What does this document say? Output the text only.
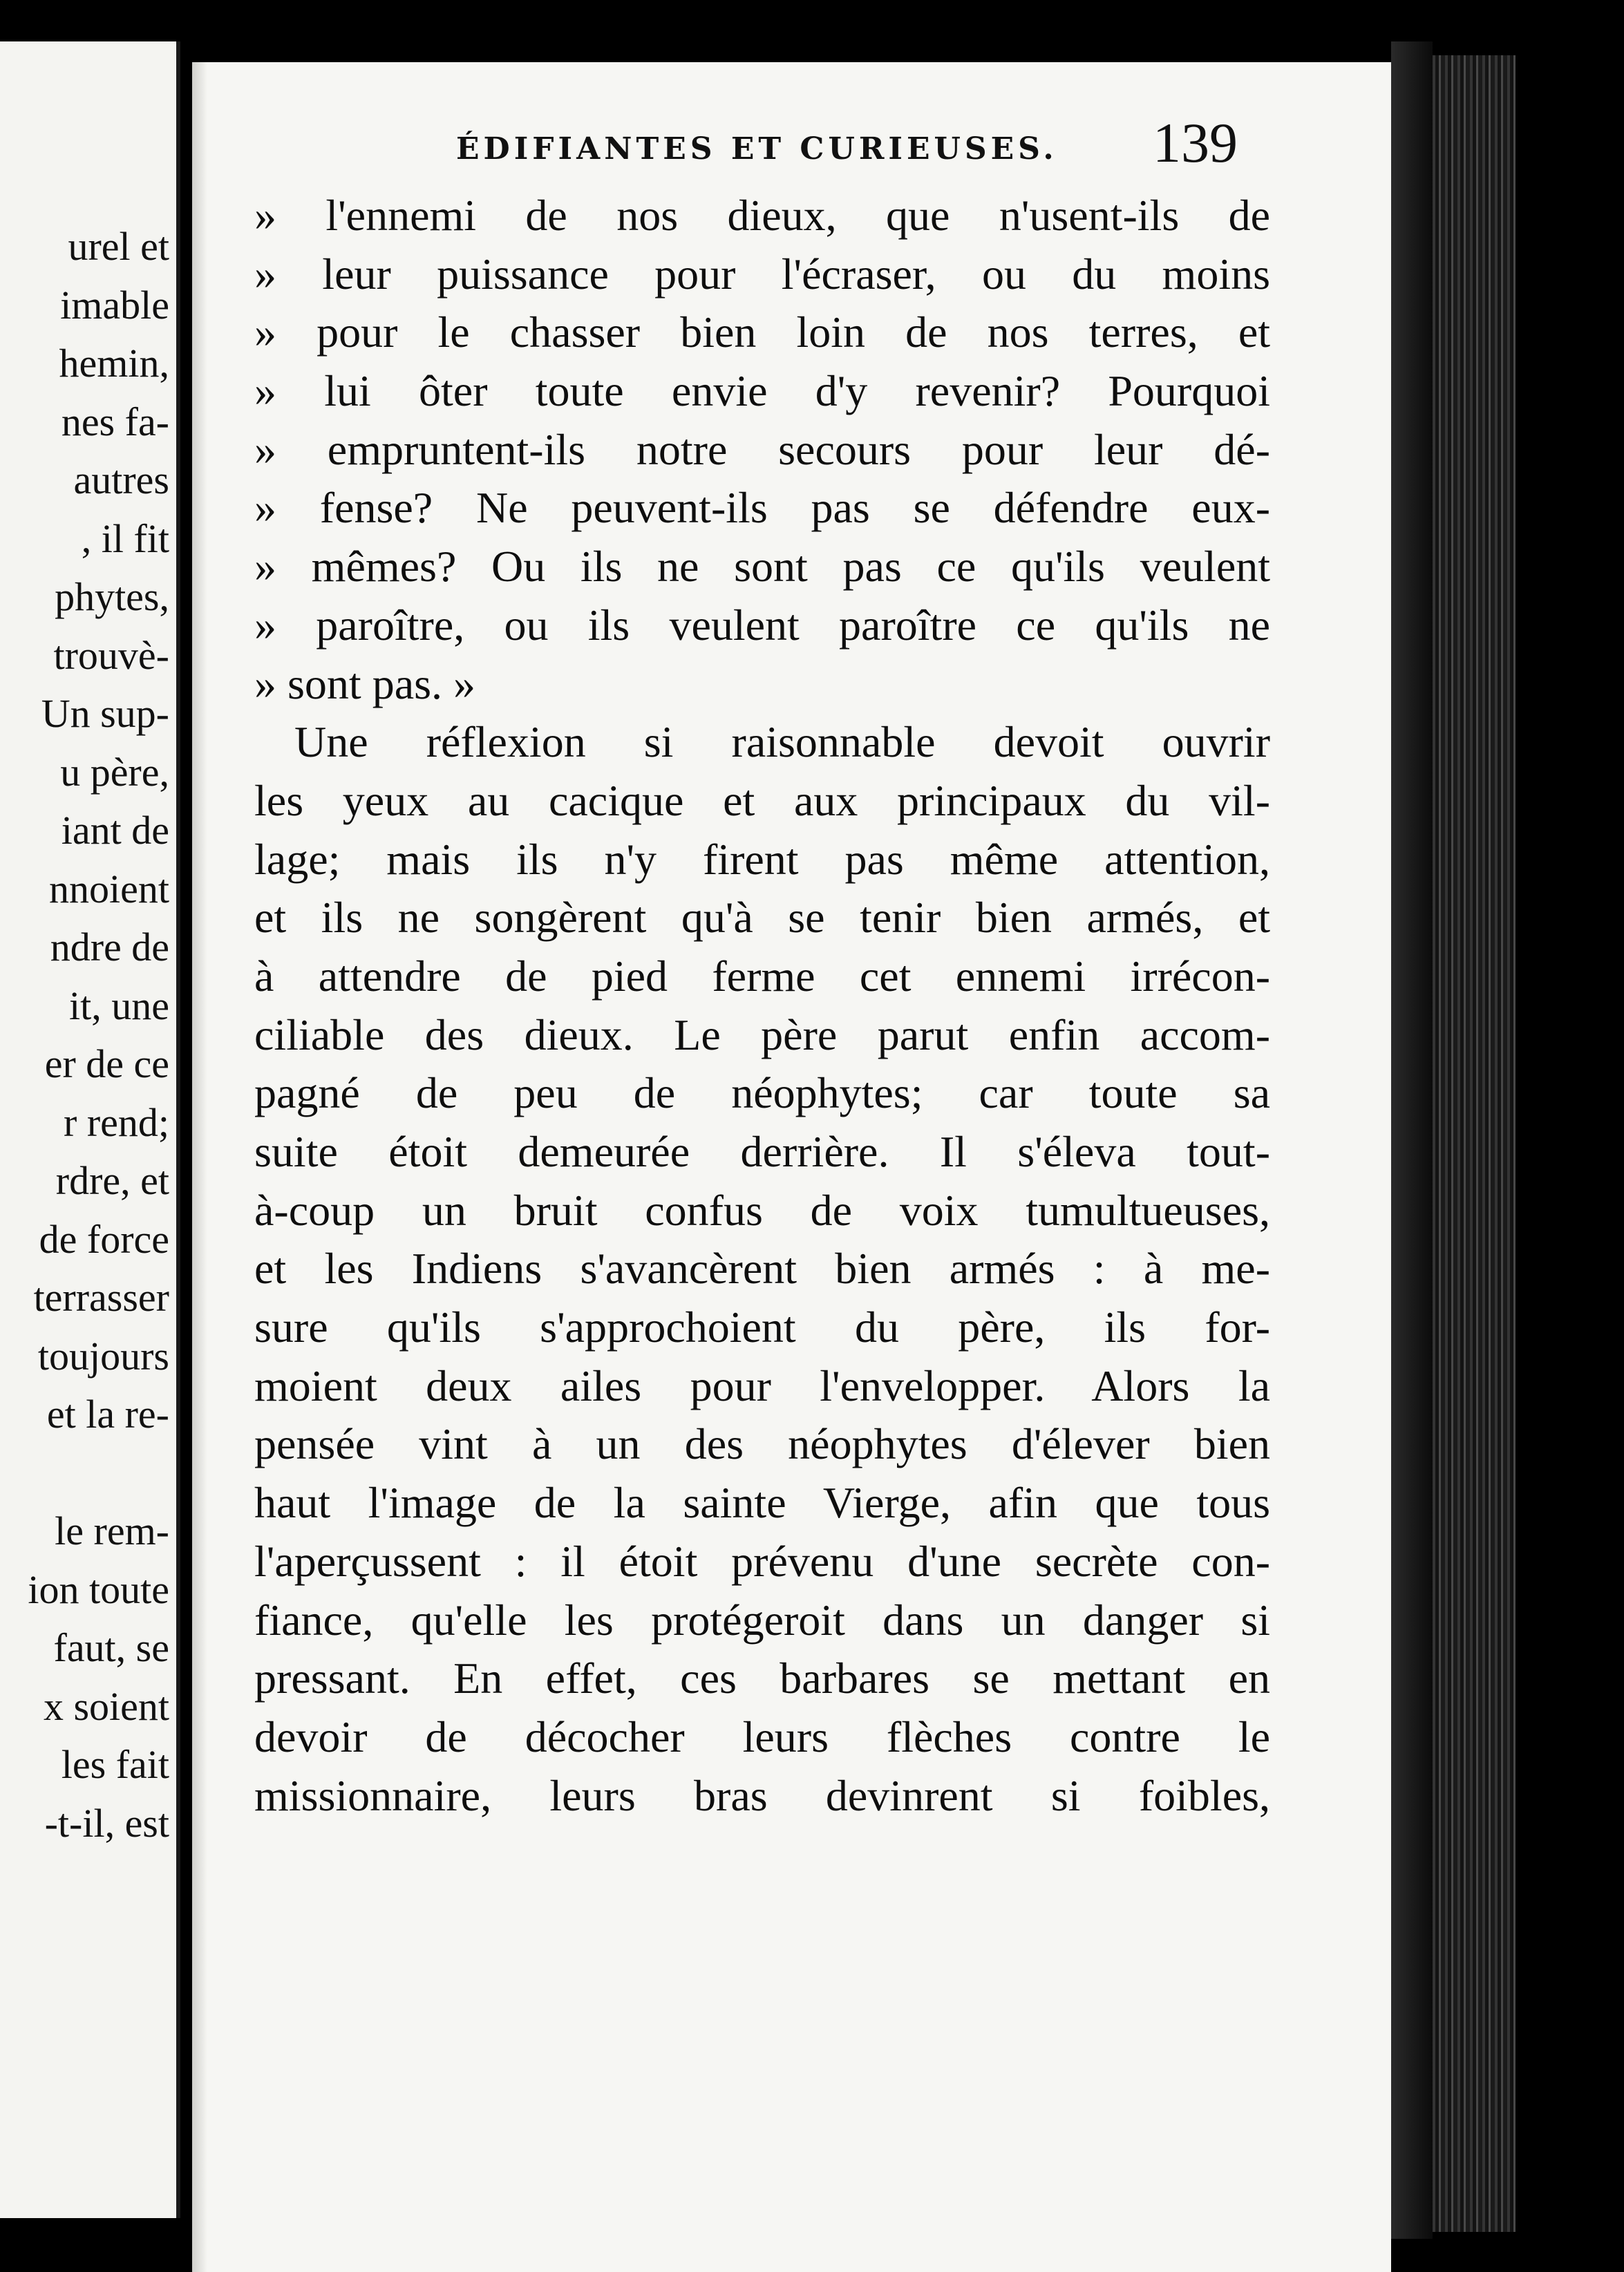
urel et
imable
hemin,
nes fa-
autres
, il fit
phytes,
trouvè-
Un sup-
u père,
iant de
nnoient
ndre de
it, une
er de ce
r rend;
rdre, et
de force
terrasser
toujours
et la re-
le rem-
ion toute
faut, se
x soient
les fait
-t-il, est
ÉDIFIANTES ET CURIEUSES. 139
» l'ennemi de nos dieux, que n'usent-ils de
» leur puissance pour l'écraser, ou du moins
» pour le chasser bien loin de nos terres, et
» lui ôter toute envie d'y revenir? Pourquoi
» empruntent-ils notre secours pour leur dé-
» fense? Ne peuvent-ils pas se défendre eux-
» mêmes? Ou ils ne sont pas ce qu'ils veulent
» paroître, ou ils veulent paroître ce qu'ils ne
» sont pas. »
Une réflexion si raisonnable devoit ouvrir
les yeux au cacique et aux principaux du vil-
lage; mais ils n'y firent pas même attention,
et ils ne songèrent qu'à se tenir bien armés, et
à attendre de pied ferme cet ennemi irrécon-
ciliable des dieux. Le père parut enfin accom-
pagné de peu de néophytes; car toute sa
suite étoit demeurée derrière. Il s'éleva tout-
à-coup un bruit confus de voix tumultueuses,
et les Indiens s'avancèrent bien armés : à me-
sure qu'ils s'approchoient du père, ils for-
moient deux ailes pour l'envelopper. Alors la
pensée vint à un des néophytes d'élever bien
haut l'image de la sainte Vierge, afin que tous
l'aperçussent : il étoit prévenu d'une secrète con-
fiance, qu'elle les protégeroit dans un danger si
pressant. En effet, ces barbares se mettant en
devoir de décocher leurs flèches contre le
missionnaire, leurs bras devinrent si foibles,
